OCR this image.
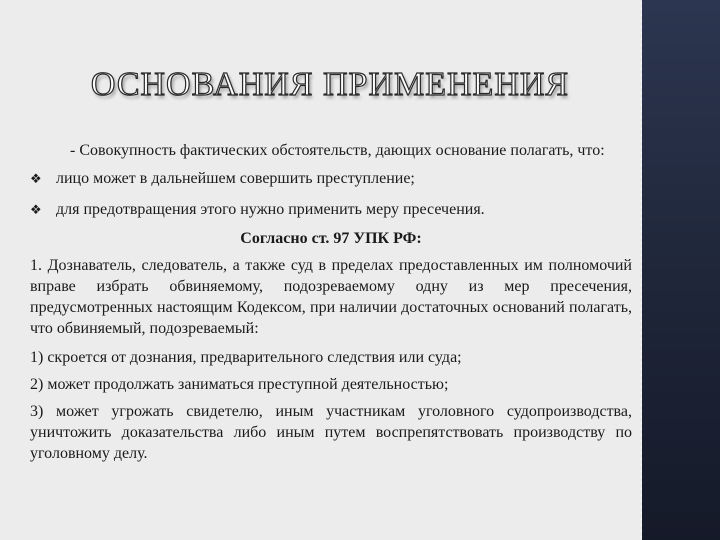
ОСНОВАНИЯ ПРИМЕНЕНИЯ

- Совокупность фактических обстоятельств, дающих основание полагать, что:

❖ лицо может в дальнейшем совершить преступление;
❖ для предотвращения этого нужно применить меру пресечения.

Согласно ст. 97 УПК РФ:

1. Дознаватель, следователь, а также суд в пределах предоставленных им полномочий вправе избрать обвиняемому, подозреваемому одну из мер пресечения, предусмотренных настоящим Кодексом, при наличии достаточных оснований полагать, что обвиняемый, подозреваемый:

1) скроется от дознания, предварительного следствия или суда;

2) может продолжать заниматься преступной деятельностью;

3) может угрожать свидетелю, иным участникам уголовного судопроизводства, уничтожить доказательства либо иным путем воспрепятствовать производству по уголовному делу.
